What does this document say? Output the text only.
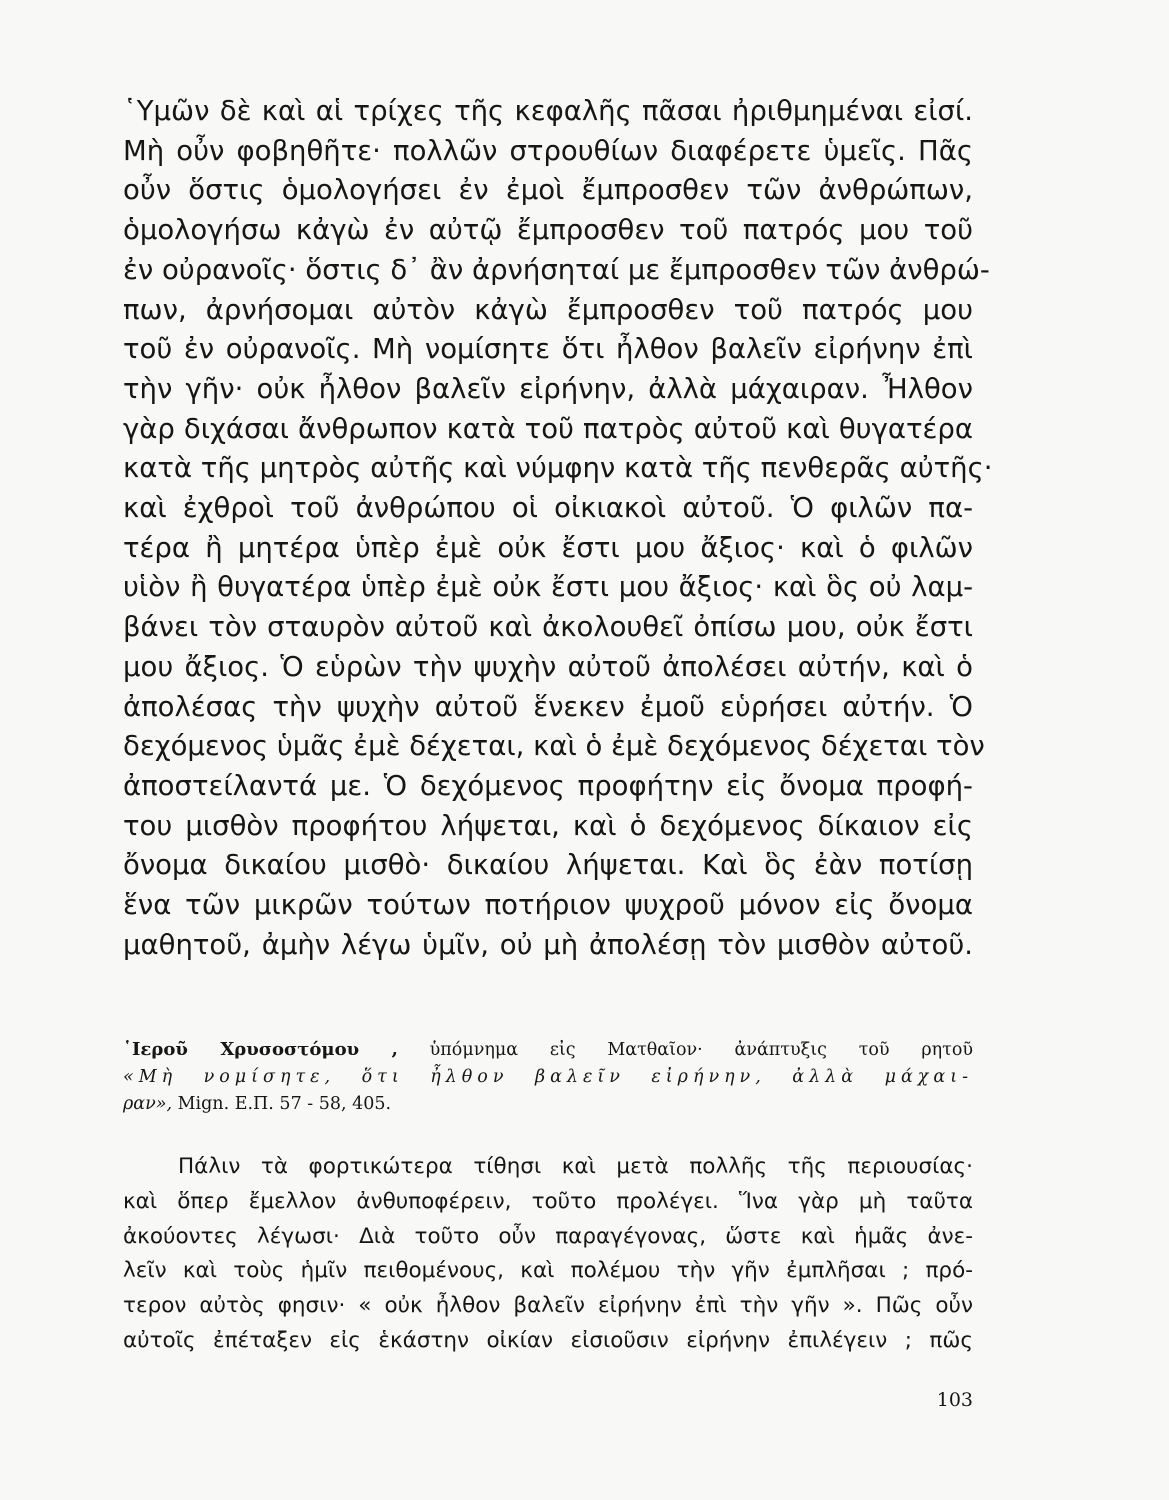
῾Υμῶν δὲ καὶ αἱ τρίχες τῆς κεφαλῆς πᾶσαι ἠριθμημέναι εἰσί.
Μὴ οὖν φοβηθῆτε· πολλῶν στρουθίων διαφέρετε ὑμεῖς. Πᾶς
οὖν ὅστις ὁμολογήσει ἐν ἐμοὶ ἔμπροσθεν τῶν ἀνθρώπων,
ὁμολογήσω κἀγὼ ἐν αὐτῷ ἔμπροσθεν τοῦ πατρός μου τοῦ
ἐν οὐρανοῖς· ὅστις δ᾽ ἂν ἀρνήσηταί με ἔμπροσθεν τῶν ἀνθρώ-
πων, ἀρνήσομαι αὐτὸν κἀγὼ ἔμπροσθεν τοῦ πατρός μου
τοῦ ἐν οὐρανοῖς. Μὴ νομίσητε ὅτι ἦλθον βαλεῖν εἰρήνην ἐπὶ
τὴν γῆν· οὐκ ἦλθον βαλεῖν εἰρήνην, ἀλλὰ μάχαιραν. Ἦλθον
γὰρ διχάσαι ἄνθρωπον κατὰ τοῦ πατρὸς αὐτοῦ καὶ θυγατέρα
κατὰ τῆς μητρὸς αὐτῆς καὶ νύμφην κατὰ τῆς πενθερᾶς αὐτῆς·
καὶ ἐχθροὶ τοῦ ἀνθρώπου οἱ οἰκιακοὶ αὐτοῦ. Ὁ φιλῶν πα-
τέρα ἢ μητέρα ὑπὲρ ἐμὲ οὐκ ἔστι μου ἄξιος· καὶ ὁ φιλῶν
υἱὸν ἢ θυγατέρα ὑπὲρ ἐμὲ οὐκ ἔστι μου ἄξιος· καὶ ὃς οὐ λαμ-
βάνει τὸν σταυρὸν αὐτοῦ καὶ ἀκολουθεῖ ὀπίσω μου, οὐκ ἔστι
μου ἄξιος. Ὁ εὑρὼν τὴν ψυχὴν αὐτοῦ ἀπολέσει αὐτήν, καὶ ὁ
ἀπολέσας τὴν ψυχὴν αὐτοῦ ἕνεκεν ἐμοῦ εὑρήσει αὐτήν. Ὁ
δεχόμενος ὑμᾶς ἐμὲ δέχεται, καὶ ὁ ἐμὲ δεχόμενος δέχεται τὸν
ἀποστείλαντά με. Ὁ δεχόμενος προφήτην εἰς ὄνομα προφή-
του μισθὸν προφήτου λήψεται, καὶ ὁ δεχόμενος δίκαιον εἰς
ὄνομα δικαίου μισθὸ· δικαίου λήψεται. Καὶ ὃς ἐὰν ποτίσῃ
ἕνα τῶν μικρῶν τούτων ποτήριον ψυχροῦ μόνον εἰς ὄνομα
μαθητοῦ, ἀμὴν λέγω ὑμῖν, οὐ μὴ ἀπολέσῃ τὸν μισθὸν αὐτοῦ.
῾Ιεροῦ Χρυσοστόμου , ὑπόμνημα εἰς Ματθαῖον· ἀνάπτυξις τοῦ ρητοῦ
«Μὴ νομίσητε, ὅτι ἦλθον βαλεῖν εἰρήνην, ἀλλὰ μάχαι-
ραν», Mign. Ε.Π. 57 - 58, 405.
Πάλιν τὰ φορτικώτερα τίθησι καὶ μετὰ πολλῆς τῆς περιουσίας·
καὶ ὅπερ ἔμελλον ἀνθυποφέρειν, τοῦτο προλέγει. Ἵνα γὰρ μὴ ταῦτα
ἀκούοντες λέγωσι· Διὰ τοῦτο οὖν παραγέγονας, ὥστε καὶ ἡμᾶς ἀνε-
λεῖν καὶ τοὺς ἡμῖν πειθομένους, καὶ πολέμου τὴν γῆν ἐμπλῆσαι ; πρό-
τερον αὐτὸς φησιν· « οὐκ ἦλθον βαλεῖν εἰρήνην ἐπὶ τὴν γῆν ». Πῶς οὖν
αὐτοῖς ἐπέταξεν εἰς ἑκάστην οἰκίαν εἰσιοῦσιν εἰρήνην ἐπιλέγειν ; πῶς
103
